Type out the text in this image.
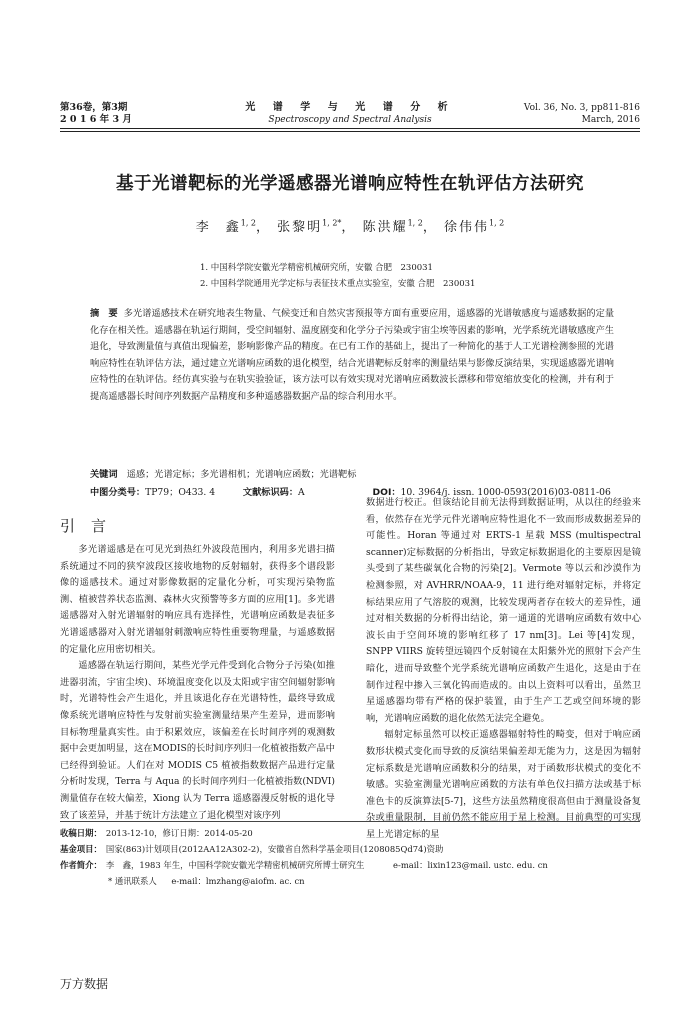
第36卷，第3期
2 0 1 6 年 3 月
光 谱 学 与 光 谱 分 析
Spectroscopy and Spectral Analysis
Vol. 36, No. 3, pp811-816
March, 2016
基于光谱靶标的光学遥感器光谱响应特性在轨评估方法研究
李　鑫$^{1, 2}$， 张黎明$^{1, 2*}$， 陈洪耀$^{1, 2}$， 徐伟伟$^{1, 2}$
1. 中国科学院安徽光学精密机械研究所，安徽 合肥　230031
2. 中国科学院通用光学定标与表征技术重点实验室，安徽 合肥　230031
摘　要 多光谱遥感技术在研究地表生物量、气候变迁和自然灾害预报等方面有重要应用，遥感器的光谱敏感度与遥感数据的定量化存在相关性。遥感器在轨运行期间，受空间辐射、温度剧变和化学分子污染或宇宙尘埃等因素的影响，光学系统光谱敏感度产生退化，导致测量值与真值出现偏差，影响影像产品的精度。在已有工作的基础上，提出了一种简化的基于人工光谱检测参照的光谱响应特性在轨评估方法，通过建立光谱响应函数的退化模型，结合光谱靶标反射率的测量结果与影像反演结果，实现遥感器光谱响应特性的在轨评估。经仿真实验与在轨实验验证，该方法可以有效实现对光谱响应函数波长漂移和带宽缩放变化的检测，并有利于提高遥感器长时间序列数据产品精度和多种遥感器数据产品的综合利用水平。
关键词　 遥感；光谱定标；多光谱相机；光谱响应函数；光谱靶标
中图分类号：TP79；O433. 4	文献标识码：A	DOI：10. 3964/j. issn. 1000-0593(2016)03-0811-06
引言

多光谱遥感是在可见光到热红外波段范围内，利用多光谱扫描系统通过不同的狭窄波段区接收地物的反射辐射，获得多个谱段影像的遥感技术。通过对影像数据的定量化分析，可实现污染物监测、植被营养状态监测、森林火灾预警等多方面的应用[1]。多光谱遥感器对入射光谱辐射的响应具有选择性，光谱响应函数是表征多光谱遥感器对入射光谱辐射刺激响应特性重要物理量，与遥感数据的定量化应用密切相关。

遥感器在轨运行期间，某些光学元件受到化合物分子污染(如推进器羽流，宇宙尘埃)、环境温度变化以及太阳或宇宙空间辐射影响时，光谱特性会产生退化，并且该退化存在光谱特性，最终导致成像系统光谱响应特性与发射前实验室测量结果产生差异，进而影响目标物理量真实性。由于积累效应，该偏差在长时间序列的观测数据中会更加明显，这在MODIS的长时间序列归一化植被指数产品中已经得到验证。人们在对 MODIS C5 植被指数数据产品进行定量分析时发现，Terra 与 Aqua 的长时间序列归一化植被指数(NDVI)测量值存在较大偏差，Xiong 认为 Terra 遥感器漫反射板的退化导致了该差异，并基于统计方法建立了退化模型对该序列

数据进行校正。但该结论目前无法得到数据证明，从以往的经验来看，依然存在光学元件光谱响应特性退化不一致而形成数据差异的可能性。Horan 等通过对 ERTS-1 星载 MSS (multispectral scanner)定标数据的分析指出，导致定标数据退化的主要原因是镜头受到了某些碳氧化合物的污染[2]。Vermote 等以云和沙漠作为检测参照，对 AVHRR/NOAA-9，11 进行绝对辐射定标，并将定标结果应用了气溶胶的观测，比较发现两者存在较大的差异性，通过对相关数据的分析得出结论，第一通道的光谱响应函数有效中心波长由于空间环境的影响红移了 17 nm[3]。Lei 等[4]发现，SNPP VIIRS 旋转望远镜四个反射镜在太阳紫外光的照射下会产生暗化，进而导致整个光学系统光谱响应函数产生退化，这是由于在制作过程中掺入三氧化钨而造成的。由以上资料可以看出，虽然卫星遥感器均带有严格的保护装置，由于生产工艺或空间环境的影响，光谱响应函数的退化依然无法完全避免。

辐射定标虽然可以校正遥感器辐射特性的畸变，但对于响应函数形状模式变化而导致的反演结果偏差却无能为力，这是因为辐射定标系数是光谱响应函数积分的结果，对于函数形状模式的变化不敏感。实验室测量光谱响应函数的方法有单色仪扫描方法或基于标准色卡的反演算法[5-7]，这些方法虽然精度很高但由于测量设备复杂或重量限制，目前仍然不能应用于星上检测。目前典型的可实现星上光谱定标的星

收稿日期： 2013-12-10，修订日期：2014-05-20
基金项目： 国家(863)计划项目(2012AA12A302-2)，安徽省自然科学基金项目(1208085Qd74)资助
作者简介： 李　鑫，1983 年生，中国科学院安徽光学精密机械研究所博士研究生	e-mail：lixin123@mail. ustc. edu. cn
* 通讯联系人 e-mail：lmzhang@aiofm. ac. cn
万方数据
